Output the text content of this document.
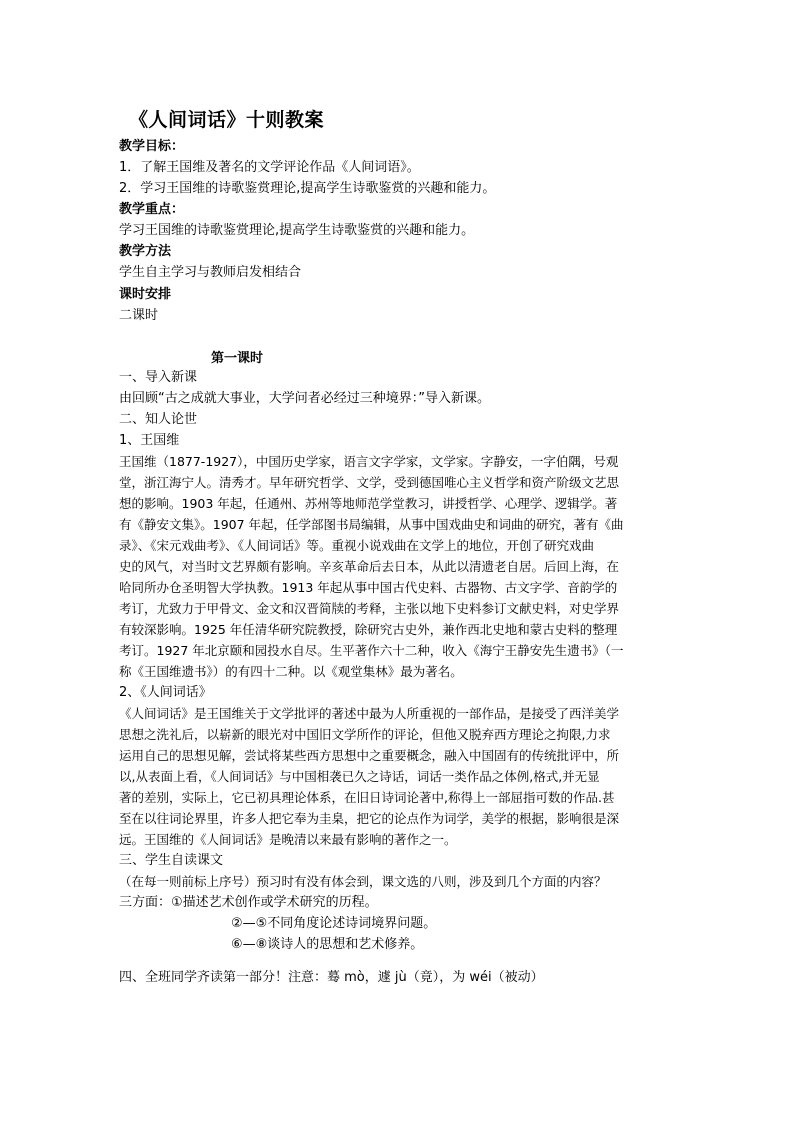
《人间词话》十则教案
教学目标：
1．了解王国维及著名的文学评论作品《人间词语》。
2．学习王国维的诗歌鉴赏理论,提高学生诗歌鉴赏的兴趣和能力。
教学重点：
学习王国维的诗歌鉴赏理论,提高学生诗歌鉴赏的兴趣和能力。
教学方法
学生自主学习与教师启发相结合
课时安排
二课时
第一课时
一、导入新课
由回顾“古之成就大事业，大学问者必经过三种境界：”导入新课。
二、知人论世
1、王国维
王国维（1877-1927），中国历史学家，语言文字学家，文学家。字静安，一字伯隅，号观
堂，浙江海宁人。清秀才。早年研究哲学、文学，受到德国唯心主义哲学和资产阶级文艺思
想的影响。1903 年起，任通州、苏州等地师范学堂教习，讲授哲学、心理学、逻辑学。著
有《静安文集》。1907 年起，任学部图书局编辑，从事中国戏曲史和词曲的研究，著有《曲
录》、《宋元戏曲考》、《人间词话》等。重视小说戏曲在文学上的地位，开创了研究戏曲
史的风气，对当时文艺界颇有影响。辛亥革命后去日本，从此以清遗老自居。后回上海，在
哈同所办仓圣明智大学执教。1913 年起从事中国古代史料、古器物、古文字学、音韵学的
考订，尤致力于甲骨文、金文和汉晋简牍的考释，主张以地下史料参订文献史料，对史学界
有较深影响。1925 年任清华研究院教授，除研究古史外，兼作西北史地和蒙古史料的整理
考订。1927 年北京颐和园投水自尽。生平著作六十二种，收入《海宁王静安先生遗书》（一
称《王国维遗书》）的有四十二种。以《观堂集林》最为著名。
2、《人间词话》
《人间词话》是王国维关于文学批评的著述中最为人所重视的一部作品，是接受了西洋美学
思想之洗礼后，以崭新的眼光对中国旧文学所作的评论，但他又脱弃西方理论之拘限,力求
运用自己的思想见解，尝试将某些西方思想中之重要概念，融入中国固有的传统批评中，所
以,从表面上看，《人间词话》与中国相袭已久之诗话，词话一类作品之体例,格式,并无显
著的差别，实际上，它已初具理论体系，在旧日诗词论著中,称得上一部屈指可数的作品.甚
至在以往词论界里，许多人把它奉为圭臬，把它的论点作为词学，美学的根据，影响很是深
远。王国维的《人间词话》是晚清以来最有影响的著作之一。
三、学生自读课文
（在每一则前标上序号）预习时有没有体会到，课文选的八则，涉及到几个方面的内容？
三方面：①描述艺术创作或学术研究的历程。
②—⑤不同角度论述诗词境界问题。
⑥—⑧谈诗人的思想和艺术修养。
四、全班同学齐读第一部分！注意：蓦 mò，遽 jù（竟），为 wéi（被动）
